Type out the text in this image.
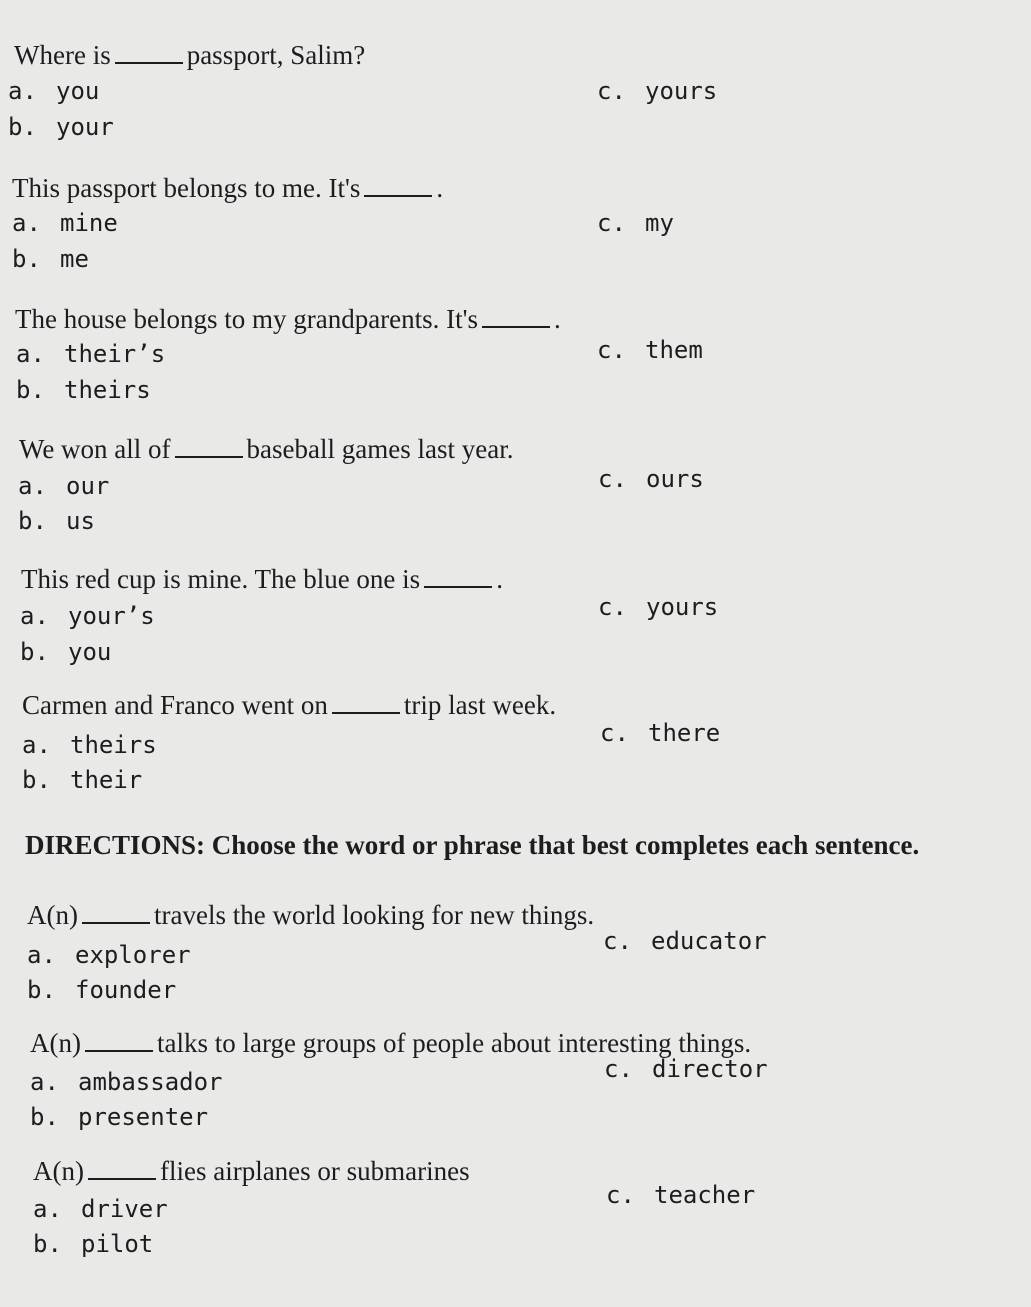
Where is	passport, Salim?
a. you
b. your
c. yours
This passport belongs to me. It's	.
a. mine
b. me
c. my
The house belongs to my grandparents. It's	.
a. their’s
b. theirs
c. them
We won all of	baseball games last year.
a. our
b. us
c. ours
This red cup is mine. The blue one is	.
a. your’s
b. you
c. yours
Carmen and Franco went on	trip last week.
a. theirs
b. their
c. there
DIRECTIONS: Choose the word or phrase that best completes each sentence.
A(n)	travels the world looking for new things.
a. explorer
b. founder
c. educator
A(n)	talks to large groups of people about interesting things.
a. ambassador
b. presenter
c. director
A(n)	flies airplanes or submarines
a. driver
b. pilot
c. teacher
